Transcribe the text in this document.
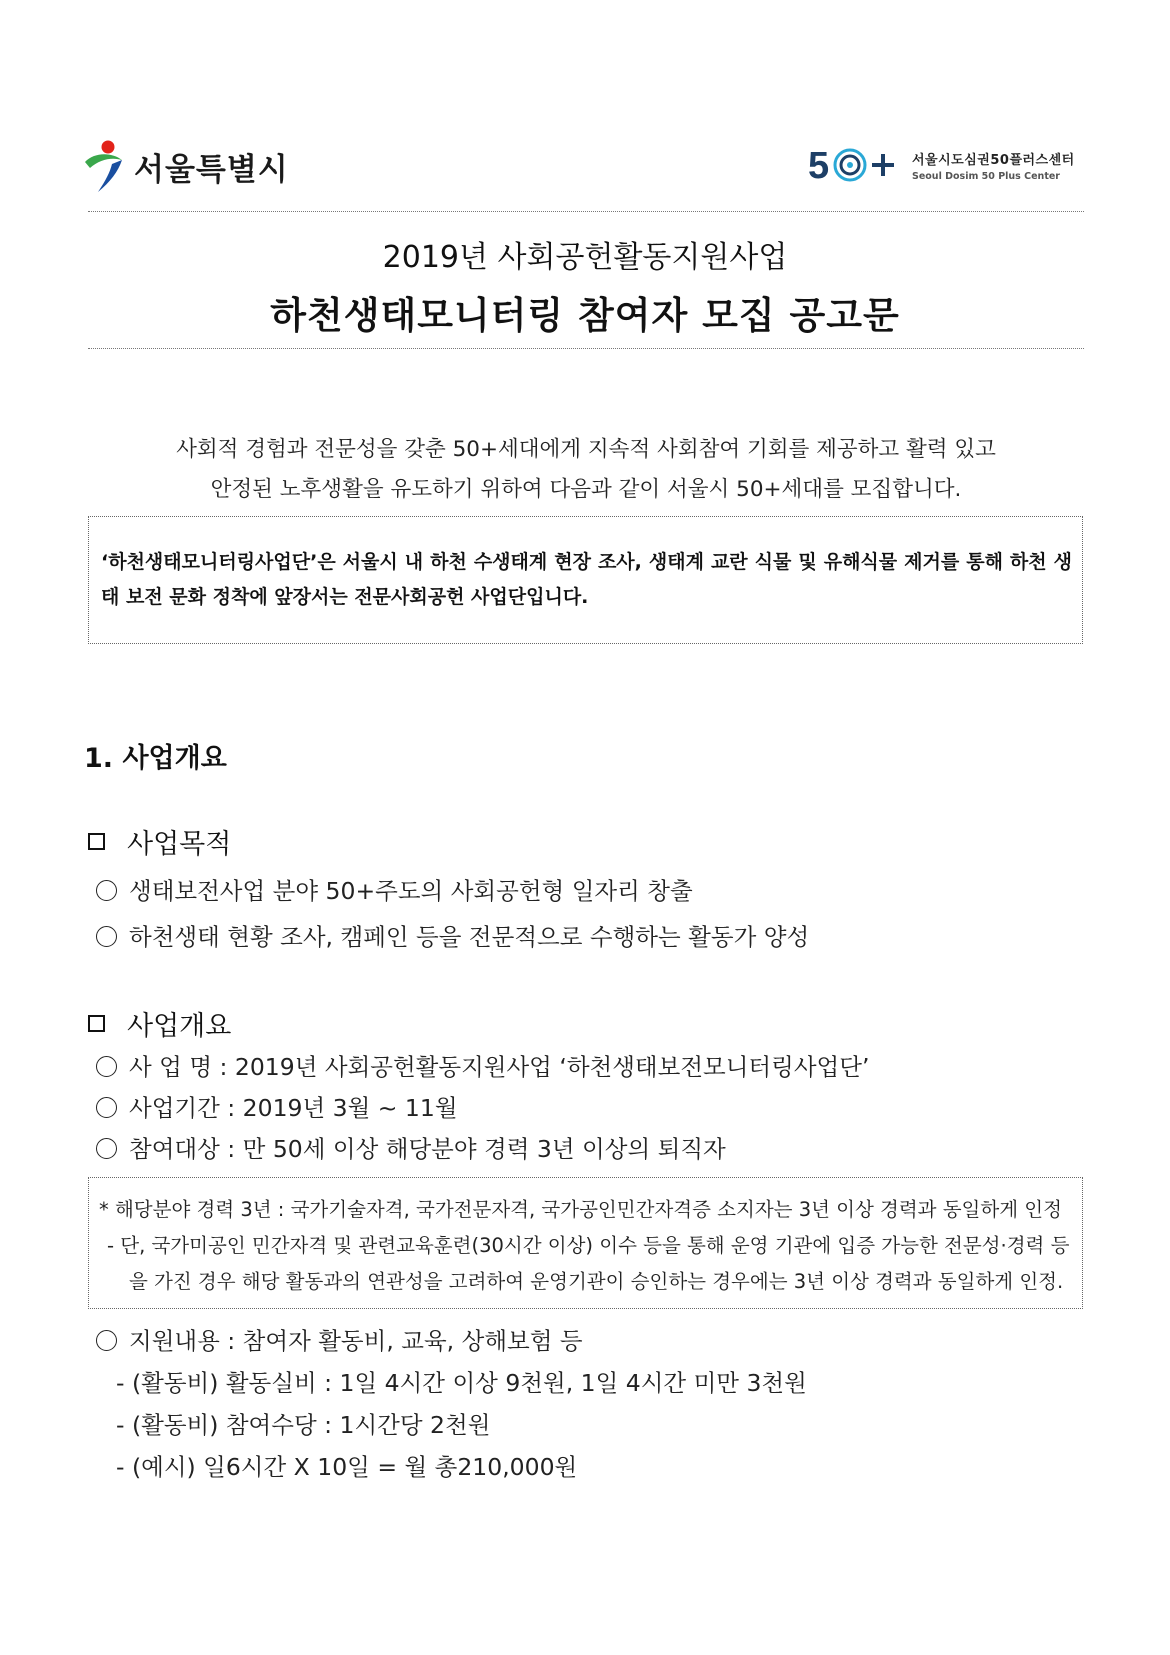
서울특별시	5	서울시도심권50플러스센터
Seoul Dosim 50 Plus Center
2019년 사회공헌활동지원사업
하천생태모니터링 참여자 모집 공고문
사회적 경험과 전문성을 갖춘 50+세대에게 지속적 사회참여 기회를 제공하고 활력 있고
안정된 노후생활을 유도하기 위하여 다음과 같이 서울시 50+세대를 모집합니다.
‘하천생태모니터링사업단’은 서울시 내 하천 수생태계 현장 조사, 생태계 교란 식물 및 유해식물 제거를 통해 하천 생태 보전 문화 정착에 앞장서는 전문사회공헌 사업단입니다.
1. 사업개요
사업목적
생태보전사업 분야 50+주도의 사회공헌형 일자리 창출
하천생태 현황 조사, 캠페인 등을 전문적으로 수행하는 활동가 양성
사업개요
사 업 명 : 2019년 사회공헌활동지원사업 ‘하천생태보전모니터링사업단’
사업기간 : 2019년 3월 ~ 11월
참여대상 : 만 50세 이상 해당분야 경력 3년 이상의 퇴직자
* 해당분야 경력 3년 : 국가기술자격, 국가전문자격, 국가공인민간자격증 소지자는 3년 이상 경력과 동일하게 인정
- 단, 국가미공인 민간자격 및 관련교육훈련(30시간 이상) 이수 등을 통해 운영 기관에 입증 가능한 전문성·경력 등
을 가진 경우 해당 활동과의 연관성을 고려하여 운영기관이 승인하는 경우에는 3년 이상 경력과 동일하게 인정.
지원내용 : 참여자 활동비, 교육, 상해보험 등
- (활동비) 활동실비 : 1일 4시간 이상 9천원, 1일 4시간 미만 3천원
- (활동비) 참여수당 : 1시간당 2천원
- (예시) 일6시간 X 10일 = 월 총210,000원
